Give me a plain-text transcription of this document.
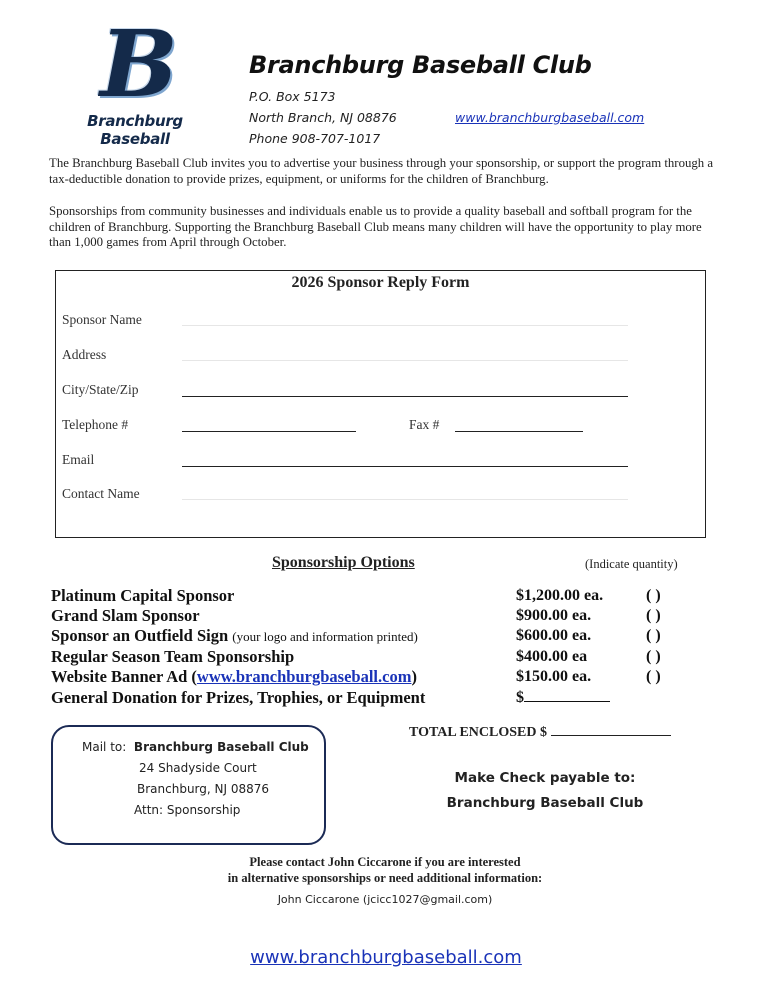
B
Branchburg Baseball
Branchburg Baseball Club
P.O. Box 5173
North Branch, NJ 08876
Phone 908-707-1017
www.branchburgbaseball.com
The Branchburg Baseball Club invites you to advertise your business through your sponsorship, or support the program through a tax-deductible donation to provide prizes, equipment, or uniforms for the children of Branchburg.
Sponsorships from community businesses and individuals enable us to provide a quality baseball and softball program for the children of Branchburg. Supporting the Branchburg Baseball Club means many children will have the opportunity to play more than 1,000 games from April through October.
2026 Sponsor Reply Form
Sponsor Name
Address
City/State/Zip
Telephone #	Fax #
Email
Contact Name
Sponsorship Options	(Indicate quantity)
Platinum Capital Sponsor	$1,200.00 ea.	( )
Grand Slam Sponsor	$900.00 ea.	( )
Sponsor an Outfield Sign (your logo and information printed)	$600.00 ea.	( )
Regular Season Team Sponsorship	$400.00 ea	( )
Website Banner Ad (www.branchburgbaseball.com)	$150.00 ea.	( )
General Donation for Prizes, Trophies, or Equipment	$
TOTAL ENCLOSED $
Mail to: Branchburg Baseball Club
24 Shadyside Court
Branchburg, NJ 08876
Attn: Sponsorship
Make Check payable to:
Branchburg Baseball Club
Please contact John Ciccarone if you are interested
in alternative sponsorships or need additional information:
John Ciccarone (jcicc1027@gmail.com)
www.branchburgbaseball.com
